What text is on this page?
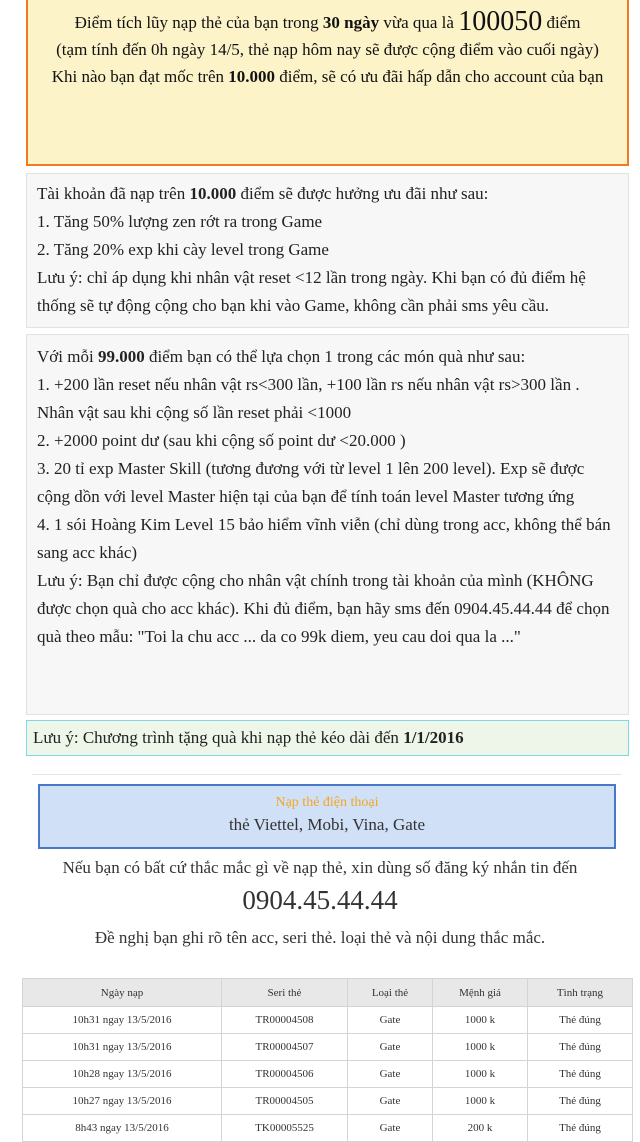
Điểm tích lũy nạp thẻ của bạn trong 30 ngày vừa qua là 100050 điểm
(tạm tính đến 0h ngày 14/5, thẻ nạp hôm nay sẽ được cộng điểm vào cuối ngày)
Khi nào bạn đạt mốc trên 10.000 điểm, sẽ có ưu đãi hấp dẫn cho account của bạn
Tài khoản đã nạp trên 10.000 điểm sẽ được hưởng ưu đãi như sau:
1. Tăng 50% lượng zen rớt ra trong Game
2. Tăng 20% exp khi cày level trong Game
Lưu ý: chỉ áp dụng khi nhân vật reset <12 lần trong ngày. Khi bạn có đủ điểm hệ thống sẽ tự động cộng cho bạn khi vào Game, không cần phải sms yêu cầu.
Với mỗi 99.000 điểm bạn có thể lựa chọn 1 trong các món quà như sau:
1. +200 lần reset nếu nhân vật rs<300 lần, +100 lần rs nếu nhân vật rs>300 lần . Nhân vật sau khi cộng số lần reset phải <1000
2. +2000 point dư (sau khi cộng số point dư <20.000 )
3. 20 tỉ exp Master Skill (tương đương với từ level 1 lên 200 level). Exp sẽ được cộng dồn với level Master hiện tại của bạn để tính toán level Master tương ứng
4. 1 sói Hoàng Kim Level 15 bảo hiểm vĩnh viễn (chỉ dùng trong acc, không thể bán sang acc khác)
Lưu ý: Bạn chỉ được cộng cho nhân vật chính trong tài khoản của mình (KHÔNG được chọn quà cho acc khác). Khi đủ điểm, bạn hãy sms đến 0904.45.44.44 để chọn quà theo mẫu: "Toi la chu acc ... da co 99k diem, yeu cau doi qua la ..."
Lưu ý: Chương trình tặng quà khi nạp thẻ kéo dài đến 1/1/2016
Nạp thẻ điện thoại
thẻ Viettel, Mobi, Vina, Gate
Nếu bạn có bất cứ thắc mắc gì về nạp thẻ, xin dùng số đăng ký nhắn tin đến
0904.45.44.44
Đề nghị bạn ghi rõ tên acc, seri thẻ. loại thẻ và nội dung thắc mắc.
Ngày nạp	Seri thẻ	Loại thẻ	Mệnh giá	Tình trạng
10h31 ngay 13/5/2016	TR00004508	Gate	1000 k	Thẻ đúng
10h31 ngay 13/5/2016	TR00004507	Gate	1000 k	Thẻ đúng
10h28 ngay 13/5/2016	TR00004506	Gate	1000 k	Thẻ đúng
10h27 ngay 13/5/2016	TR00004505	Gate	1000 k	Thẻ đúng
8h43 ngay 13/5/2016	TK00005525	Gate	200 k	Thẻ đúng
